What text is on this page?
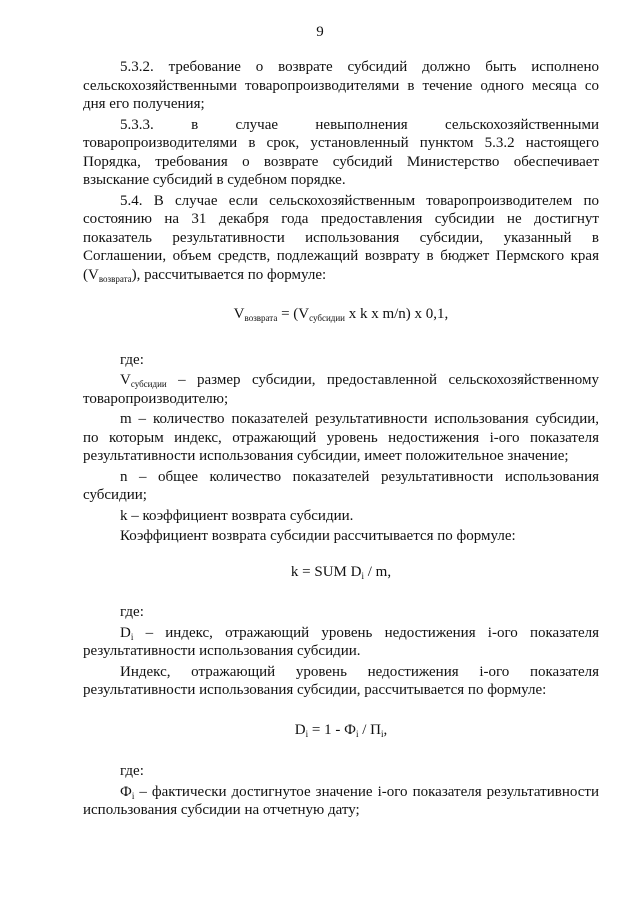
9

5.3.2. требование о возврате субсидий должно быть исполнено сельскохозяйственными товаропроизводителями в течение одного месяца со дня его получения;

5.3.3. в случае невыполнения сельскохозяйственными товаропроизводителями в срок, установленный пунктом 5.3.2 настоящего Порядка, требования о возврате субсидий Министерство обеспечивает взыскание субсидий в судебном порядке.

5.4. В случае если сельскохозяйственным товаропроизводителем по состоянию на 31 декабря года предоставления субсидии не достигнут показатель результативности использования субсидии, указанный в Соглашении, объем средств, подлежащий возврату в бюджет Пермского края $(V_{возврата})$, рассчитывается по формуле:

$V_{возврата} = (V_{субсидии}$ x k x m/n) x 0,1,

где:

$V_{субсидии}$ – размер субсидии, предоставленной сельскохозяйственному товаропроизводителю;

m – количество показателей результативности использования субсидии, по которым индекс, отражающий уровень недостижения i-ого показателя результативности использования субсидии, имеет положительное значение;

n – общее количество показателей результативности использования субсидии;

k – коэффициент возврата субсидии.

Коэффициент возврата субсидии рассчитывается по формуле:

k = SUM $D_i$ / m,

где:

$D_i$ – индекс, отражающий уровень недостижения i-ого показателя результативности использования субсидии.

Индекс, отражающий уровень недостижения i-ого показателя результативности использования субсидии, рассчитывается по формуле:

$D_i = 1 - Ф_i / П_i$,

где:

$Ф_i$ – фактически достигнутое значение i-ого показателя результативности использования субсидии на отчетную дату;
